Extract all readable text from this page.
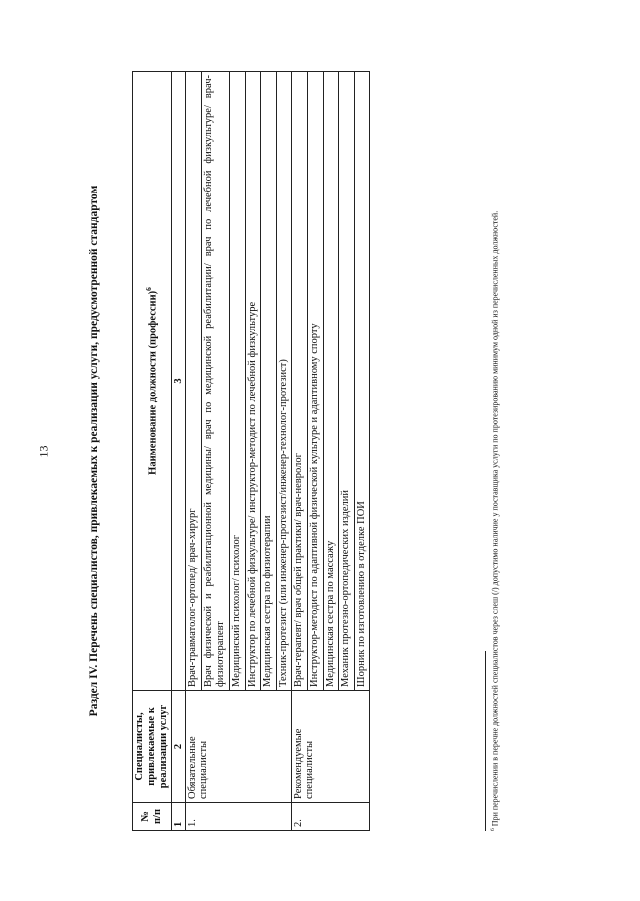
13	Раздел IV. Перечень специалистов, привлекаемых к реализации услуги, предусмотренной стандартом
№ п/п	Специалисты, привлекаемые к реализации услуг	Наименование должности (профессии)$^6$
1	2	3
1.	Обязательные специалисты	Врач-травматолог-ортопед/ врач-хирург
		Врач физической и реабилитационной медицины/ врач по медицинской реабилитации/ врач по лечебной физкультуре/ врач-физиотерапевт
		Медицинский психолог/ психолог
		Инструктор по лечебной физкультуре/ инструктор-методист по лечебной физкультуре
		Медицинская сестра по физиотерапии
		Техник-протезист (или инженер-протезист/инженер-технолог-протезист)
2.	Рекомендуемые специалисты	Врач-терапевт/ врач общей практики/ врач-невролог
		Инструктор-методист по адаптивной физической культуре и адаптивному спорту
		Медицинская сестра по массажу
		Механик протезно-ортопедических изделий
		Шорник по изготовлению в отделке ПОИ
$^6$ При перечислении в перечне должностей специалистов через слеш (/) допустимо наличие у поставщика услуги по протезированию минимум одной из перечисленных должностей.
